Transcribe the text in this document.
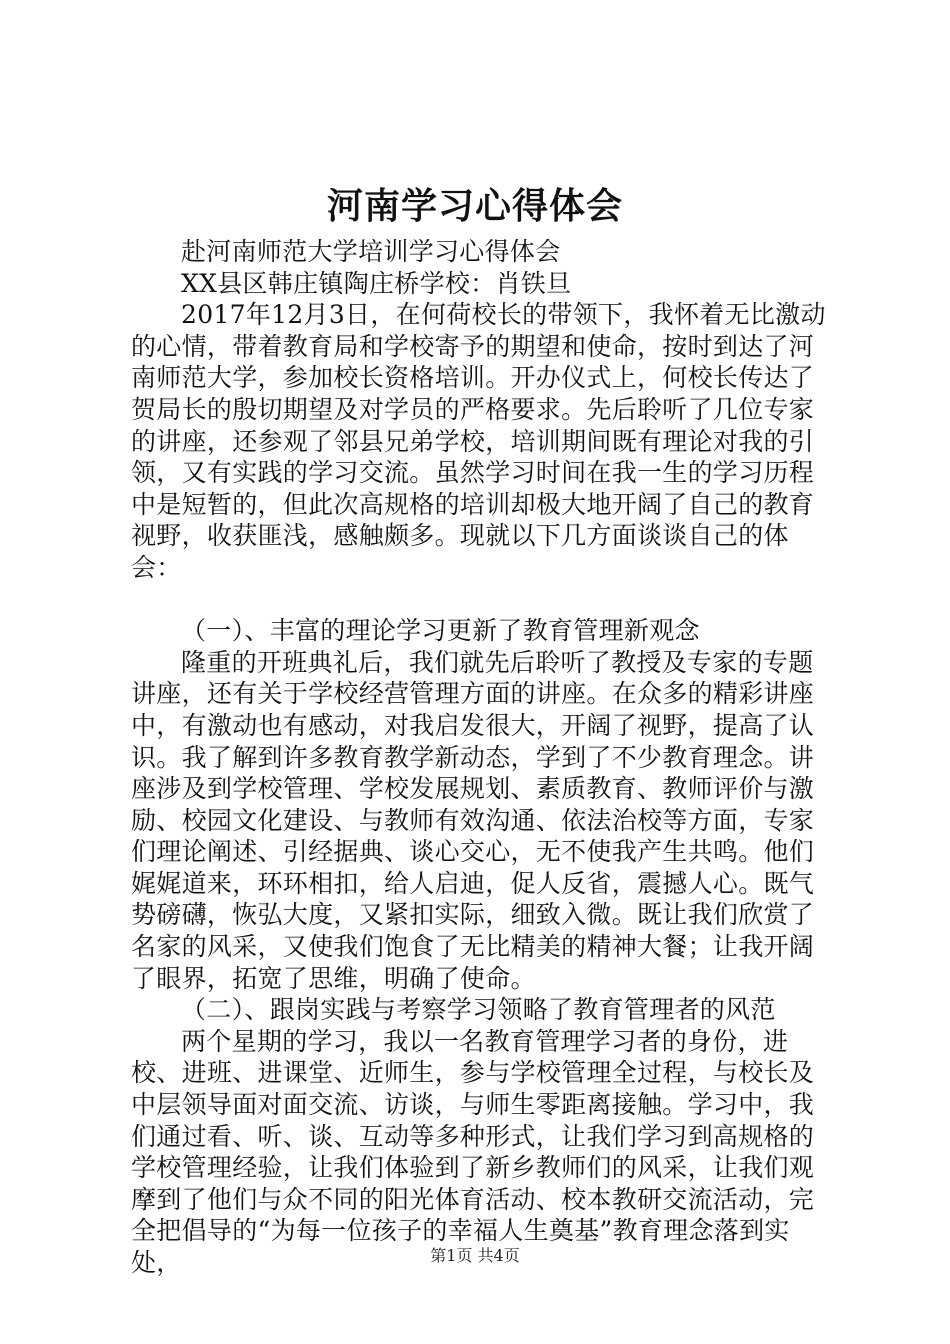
河南学习心得体会

赴河南师范大学培训学习心得体会

XX县区韩庄镇陶庄桥学校：肖铁旦

2017年12月3日，在何荷校长的带领下，我怀着无比激动的心情，带着教育局和学校寄予的期望和使命，按时到达了河南师范大学，参加校长资格培训。开办仪式上，何校长传达了贺局长的殷切期望及对学员的严格要求。先后聆听了几位专家的讲座，还参观了邻县兄弟学校，培训期间既有理论对我的引领，又有实践的学习交流。虽然学习时间在我一生的学习历程中是短暂的，但此次高规格的培训却极大地开阔了自己的教育视野，收获匪浅，感触颇多。现就以下几方面谈谈自己的体会：

（一）、丰富的理论学习更新了教育管理新观念

隆重的开班典礼后，我们就先后聆听了教授及专家的专题讲座，还有关于学校经营管理方面的讲座。在众多的精彩讲座中，有激动也有感动，对我启发很大，开阔了视野，提高了认识。我了解到许多教育教学新动态，学到了不少教育理念。讲座涉及到学校管理、学校发展规划、素质教育、教师评价与激励、校园文化建设、与教师有效沟通、依法治校等方面，专家们理论阐述、引经据典、谈心交心，无不使我产生共鸣。他们娓娓道来，环环相扣，给人启迪，促人反省，震撼人心。既气势磅礴，恢弘大度，又紧扣实际，细致入微。既让我们欣赏了名家的风采，又使我们饱食了无比精美的精神大餐；让我开阔了眼界，拓宽了思维，明确了使命。

（二）、跟岗实践与考察学习领略了教育管理者的风范

两个星期的学习，我以一名教育管理学习者的身份，进校、进班、进课堂、近师生，参与学校管理全过程，与校长及中层领导面对面交流、访谈，与师生零距离接触。学习中，我们通过看、听、谈、互动等多种形式，让我们学习到高规格的学校管理经验，让我们体验到了新乡教师们的风采，让我们观摩到了他们与众不同的阳光体育活动、校本教研交流活动，完全把倡导的“为每一位孩子的幸福人生奠基”教育理念落到实处，	第1页 共4页
